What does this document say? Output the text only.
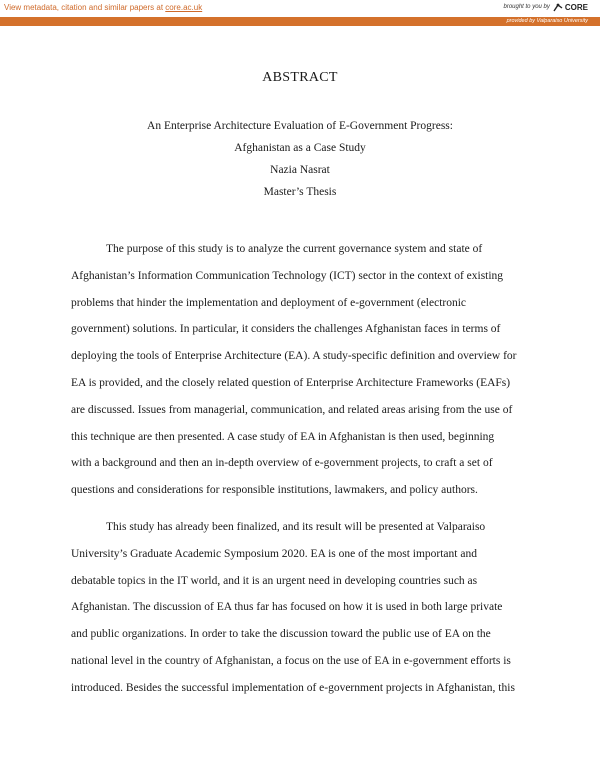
View metadata, citation and similar papers at core.ac.uk	brought to you by CORE
provided by Valparaiso University
ABSTRACT
An Enterprise Architecture Evaluation of E-Government Progress:
Afghanistan as a Case Study
Nazia Nasrat
Master’s Thesis
The purpose of this study is to analyze the current governance system and state of
Afghanistan’s Information Communication Technology (ICT) sector in the context of existing
problems that hinder the implementation and deployment of e-government (electronic
government) solutions. In particular, it considers the challenges Afghanistan faces in terms of
deploying the tools of Enterprise Architecture (EA). A study-specific definition and overview for
EA is provided, and the closely related question of Enterprise Architecture Frameworks (EAFs)
are discussed. Issues from managerial, communication, and related areas arising from the use of
this technique are then presented. A case study of EA in Afghanistan is then used, beginning
with a background and then an in-depth overview of e-government projects, to craft a set of
questions and considerations for responsible institutions, lawmakers, and policy authors.
This study has already been finalized, and its result will be presented at Valparaiso
University’s Graduate Academic Symposium 2020. EA is one of the most important and
debatable topics in the IT world, and it is an urgent need in developing countries such as
Afghanistan. The discussion of EA thus far has focused on how it is used in both large private
and public organizations. In order to take the discussion toward the public use of EA on the
national level in the country of Afghanistan, a focus on the use of EA in e-government efforts is
introduced. Besides the successful implementation of e-government projects in Afghanistan, this
